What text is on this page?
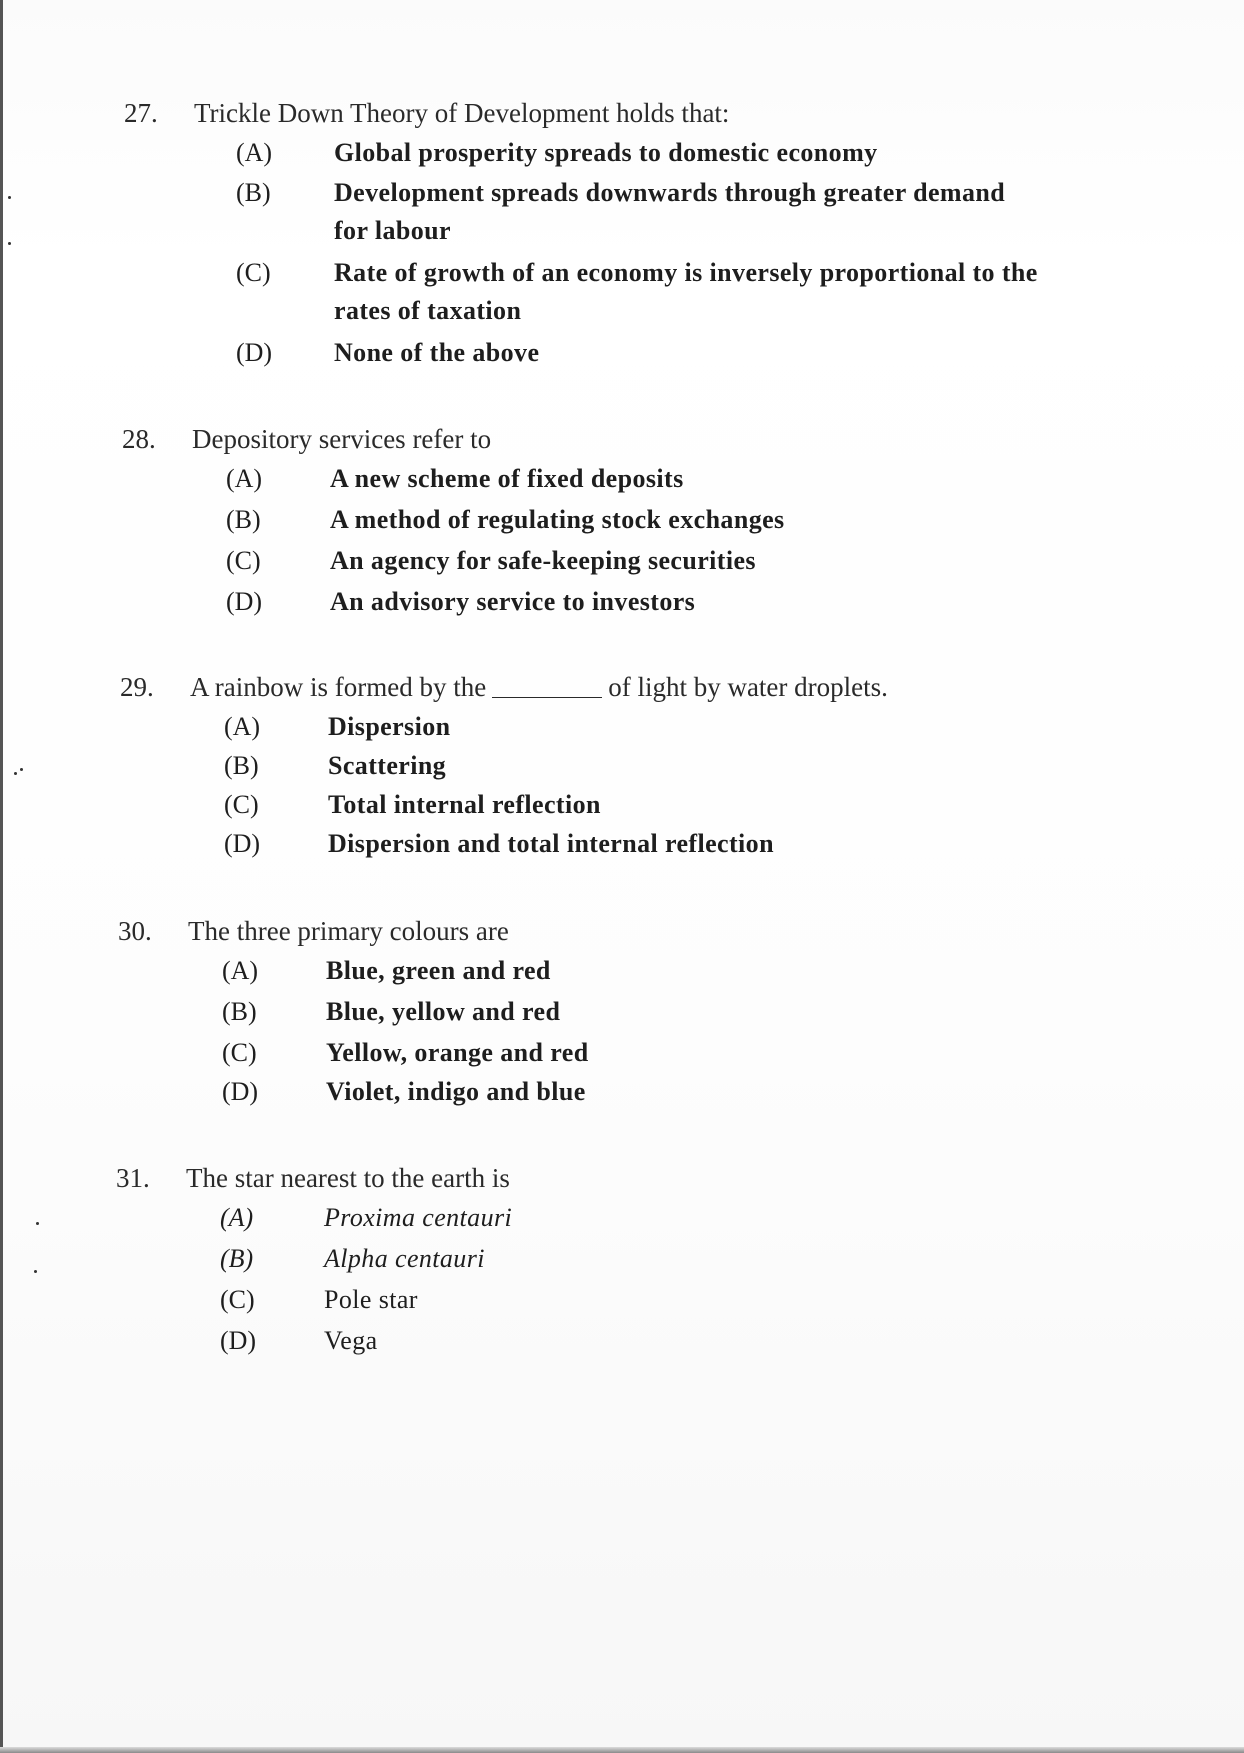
27. Trickle Down Theory of Development holds that:
(A) Global prosperity spreads to domestic economy
(B) Development spreads downwards through greater demand
for labour
(C) Rate of growth of an economy is inversely proportional to the
rates of taxation
(D) None of the above
28. Depository services refer to
(A)	A new scheme of fixed deposits
(B)	A method of regulating stock exchanges
(C)	An agency for safe-keeping securities
(D)	An advisory service to investors
29. A rainbow is formed by the	of light by water droplets.
(A)	Dispersion
(B)	Scattering
(C)	Total internal reflection
(D)	Dispersion and total internal reflection
30. The three primary colours are
(A)	Blue, green and red
(B)	Blue, yellow and red
(C)	Yellow, orange and red
(D)	Violet, indigo and blue
31. The star nearest to the earth is
(A)	Proxima centauri
(B)	Alpha centauri
(C)	Pole star
(D)	Vega
